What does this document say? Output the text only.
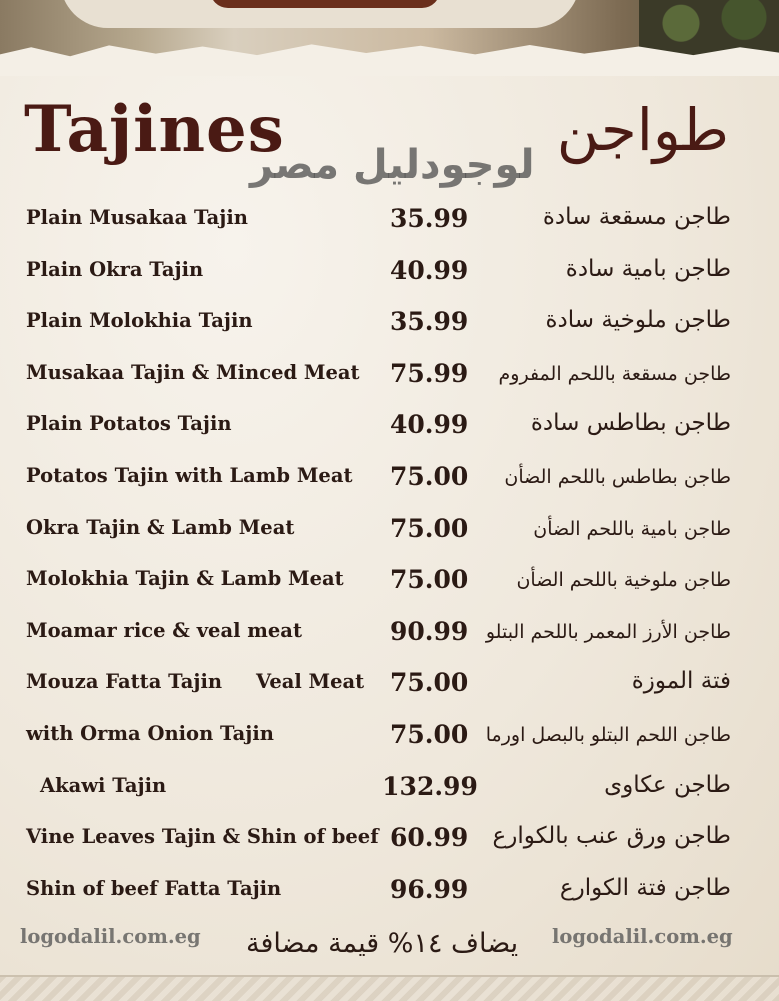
Tajines	طواجن
لوجودليل مصر
Plain Musakaa Tajin	35.99	طاجن مسقعة سادة
Plain Okra Tajin	40.99	طاجن بامية سادة
Plain Molokhia Tajin	35.99	طاجن ملوخية سادة
Musakaa Tajin & Minced Meat 75.99 طاجن مسقعة باللحم المفروم
Plain Potatos Tajin	40.99	طاجن بطاطس سادة
Potatos Tajin with Lamb Meat 75.00 طاجن بطاطس باللحم الضأن
Okra Tajin & Lamb Meat	75.00	طاجن بامية باللحم الضأن
Molokhia Tajin & Lamb Meat 75.00	طاجن ملوخية باللحم الضأن
Moamar rice & veal meat	90.99 طاجن الأرز المعمر باللحم البتلو
Mouza Fatta Tajin     Veal Meat 75.00	فتة الموزة
with Orma Onion Tajin	75.00 طاجن اللحم البتلو بالبصل اورما
Akawi Tajin	132.99	طاجن عكاوى
Vine Leaves Tajin & Shin of beef 60.99 طاجن ورق عنب بالكوارع
Shin of beef Fatta Tajin	96.99	طاجن فتة الكوارع
logodalil.com.eg	logodalil.com.eg
يضاف ١٤% قيمة مضافة
